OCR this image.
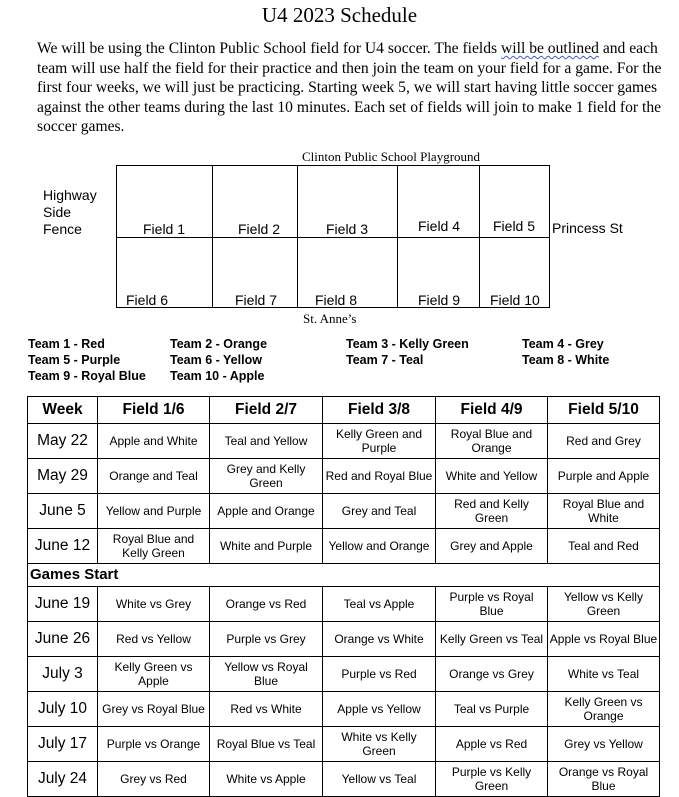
U4 2023 Schedule

We will be using the Clinton Public School field for U4 soccer. The fields will be outlined and each team will use half the field for their practice and then join the team on your field for a game. For the first four weeks, we will just be practicing. Starting week 5, we will start having little soccer games against the other teams during the last 10 minutes. Each set of fields will join to make 1 field for the soccer games.

Clinton Public School Playground
St. Anne’s
Highway
Side
Fence	Princess St
Field 1	Field 2	Field 3	Field 4 Field 5
Field 6	Field 7	Field 8	Field 9 Field 10
Team 1 - Red	Team 2 - Orange	Team 3 - Kelly Green	Team 4 - Grey
Team 5 - Purple	Team 6 - Yellow	Team 7 - Teal	Team 8 - White
Team 9 - Royal Blue Team 10 - Apple
Week	Field 1/6	Field 2/7	Field 3/8	Field 4/9	Field 5/10
May 22	Apple and White	Teal and Yellow	Kelly Green and Purple	Royal Blue and Orange	Red and Grey
May 29	Orange and Teal	Grey and Kelly Green	Red and Royal Blue	White and Yellow	Purple and Apple
June 5	Yellow and Purple	Apple and Orange	Grey and Teal	Red and Kelly Green	Royal Blue and White
June 12	Royal Blue and Kelly Green	White and Purple	Yellow and Orange	Grey and Apple	Teal and Red
Games Start					
June 19	White vs Grey	Orange vs Red	Teal vs Apple	Purple vs Royal Blue	Yellow vs Kelly Green
June 26	Red vs Yellow	Purple vs Grey	Orange vs White	Kelly Green vs Teal	Apple vs Royal Blue
July 3	Kelly Green vs Apple	Yellow vs Royal Blue	Purple vs Red	Orange vs Grey	White vs Teal
July 10	Grey vs Royal Blue	Red vs White	Apple vs Yellow	Teal vs Purple	Kelly Green vs Orange
July 17	Purple vs Orange	Royal Blue vs Teal	White vs Kelly Green	Apple vs Red	Grey vs Yellow
July 24	Grey vs Red	White vs Apple	Yellow vs Teal	Purple vs Kelly Green	Orange vs Royal Blue
